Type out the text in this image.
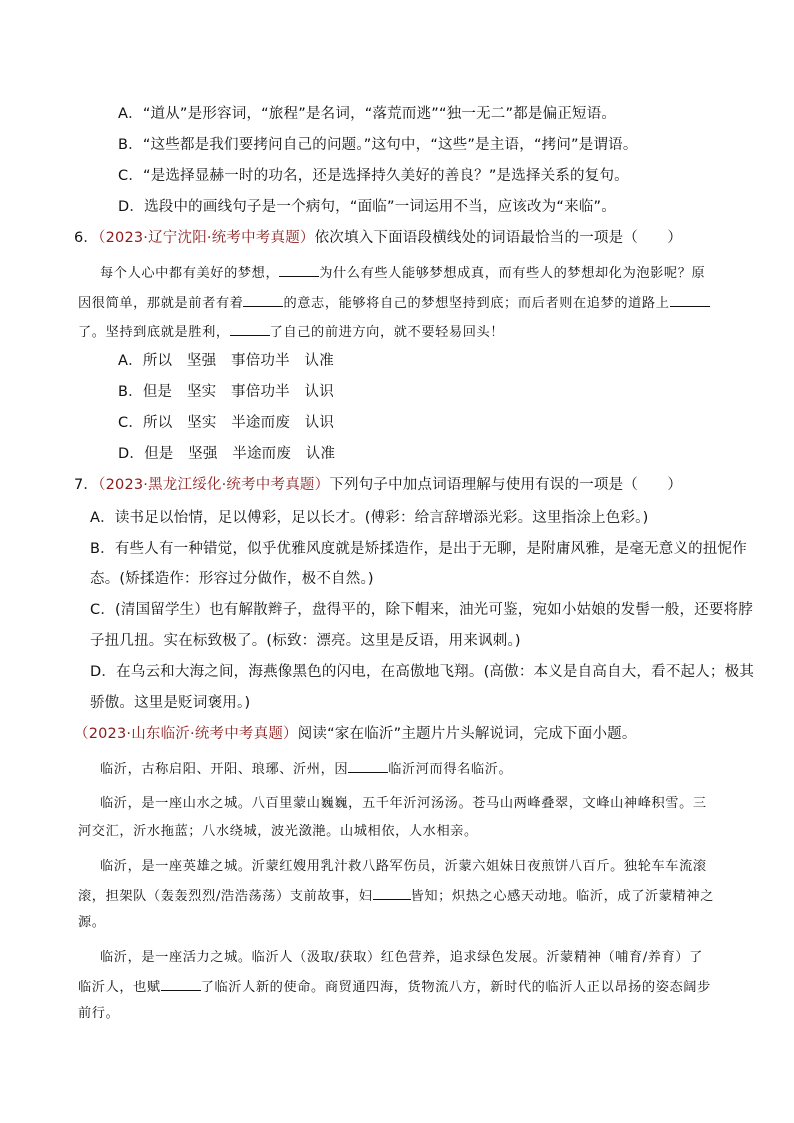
A．“道从”是形容词，“旅程”是名词，“落荒而逃”“独一无二”都是偏正短语。
B．“这些都是我们要拷问自己的问题。”这句中，“这些”是主语，“拷问”是谓语。
C．“是选择显赫一时的功名，还是选择持久美好的善良？”是选择关系的复句。
D．选段中的画线句子是一个病句，“面临”一词运用不当，应该改为“来临”。
6．（2023·辽宁沈阳·统考中考真题）依次填入下面语段横线处的词语最恰当的一项是（　　）
每个人心中都有美好的梦想，	为什么有些人能够梦想成真，而有些人的梦想却化为泡影呢？原
因很简单，那就是前者有着	的意志，能够将自己的梦想坚持到底；而后者则在追梦的道路上
了。坚持到底就是胜利，	了自己的前进方向，就不要轻易回头！
A．所以　坚强　事倍功半　认准
B．但是　坚实　事倍功半　认识
C．所以　坚实　半途而废　认识
D．但是　坚强　半途而废　认准
7．（2023·黑龙江绥化·统考中考真题）下列句子中加点词语理解与使用有误的一项是（　　）
A．读书足以怡情，足以傅彩，足以长才。(傅彩：给言辞增添光彩。这里指涂上色彩。)
B．有些人有一种错觉，似乎优雅风度就是矫揉造作，是出于无聊，是附庸风雅，是毫无意义的扭怩作
态。(矫揉造作：形容过分做作，极不自然。)
C．(清国留学生）也有解散辫子，盘得平的，除下帽来，油光可鉴，宛如小姑娘的发髻一般，还要将脖
子扭几扭。实在标致极了。(标致：漂亮。这里是反语，用来讽刺。)
D．在乌云和大海之间，海燕像黑色的闪电，在高傲地飞翔。(高傲：本义是自高自大，看不起人；极其
骄傲。这里是贬词褒用。)
（2023·山东临沂·统考中考真题）阅读“家在临沂”主题片片头解说词，完成下面小题。
临沂，古称启阳、开阳、琅琊、沂州，因	临沂河而得名临沂。
临沂，是一座山水之城。八百里蒙山巍巍，五千年沂河汤汤。苍马山两峰叠翠，文峰山神峰积雪。三
河交汇，沂水拖蓝；八水绕城，波光潋滟。山城相依，人水相亲。
临沂，是一座英雄之城。沂蒙红嫂用乳汁救八路军伤员，沂蒙六姐妹日夜煎饼八百斤。独轮车车流滚
滚，担架队（轰轰烈烈/浩浩荡荡）支前故事，妇	皆知；炽热之心感天动地。临沂，成了沂蒙精神之
源。
临沂，是一座活力之城。临沂人（汲取/获取）红色营养，追求绿色发展。沂蒙精神（哺育/养育）了
临沂人，也赋	了临沂人新的使命。商贸通四海，货物流八方，新时代的临沂人正以昂扬的姿态阔步
前行。
